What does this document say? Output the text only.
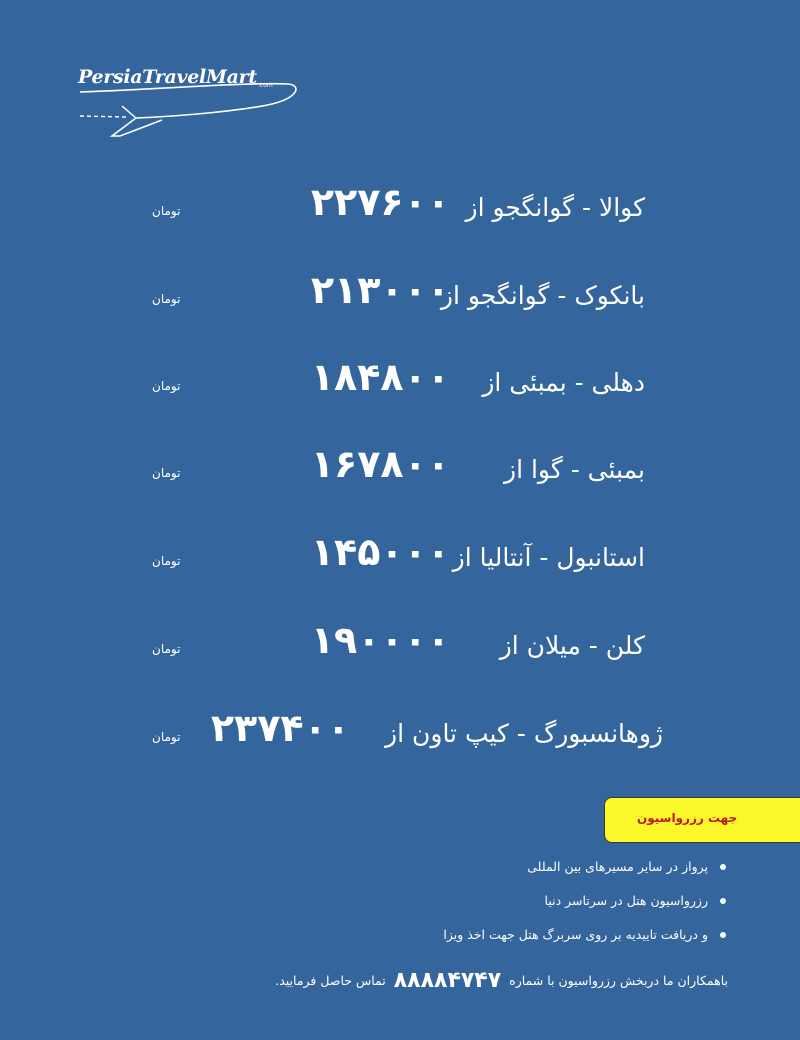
PersiaTravelMart .com
کوالا - گوانگجو از
۲۲۷۶۰۰
تومان
بانکوک - گوانگجو از
۲۱۳۰۰۰
تومان
دهلی - بمبئی از
۱۸۴۸۰۰
تومان
بمبئی - گوا از
۱۶۷۸۰۰
تومان
استانبول - آنتالیا از
۱۴۵۰۰۰
تومان
کلن - میلان از
۱۹۰۰۰۰
تومان
ژوهانسبورگ - کیپ تاون از
۲۳۷۴۰۰
تومان
جهت رزرواسیون
پرواز در سایر مسیرهای بین المللی
رزرواسیون هتل در سرتاسر دنیا
و دریافت تاییدیه بر روی سربرگ هتل جهت اخذ ویزا
باهمکاران ما دربخش رزرواسیون با شماره ۸۸۸۸۴۷۴۷ تماس حاصل فرمایید.
